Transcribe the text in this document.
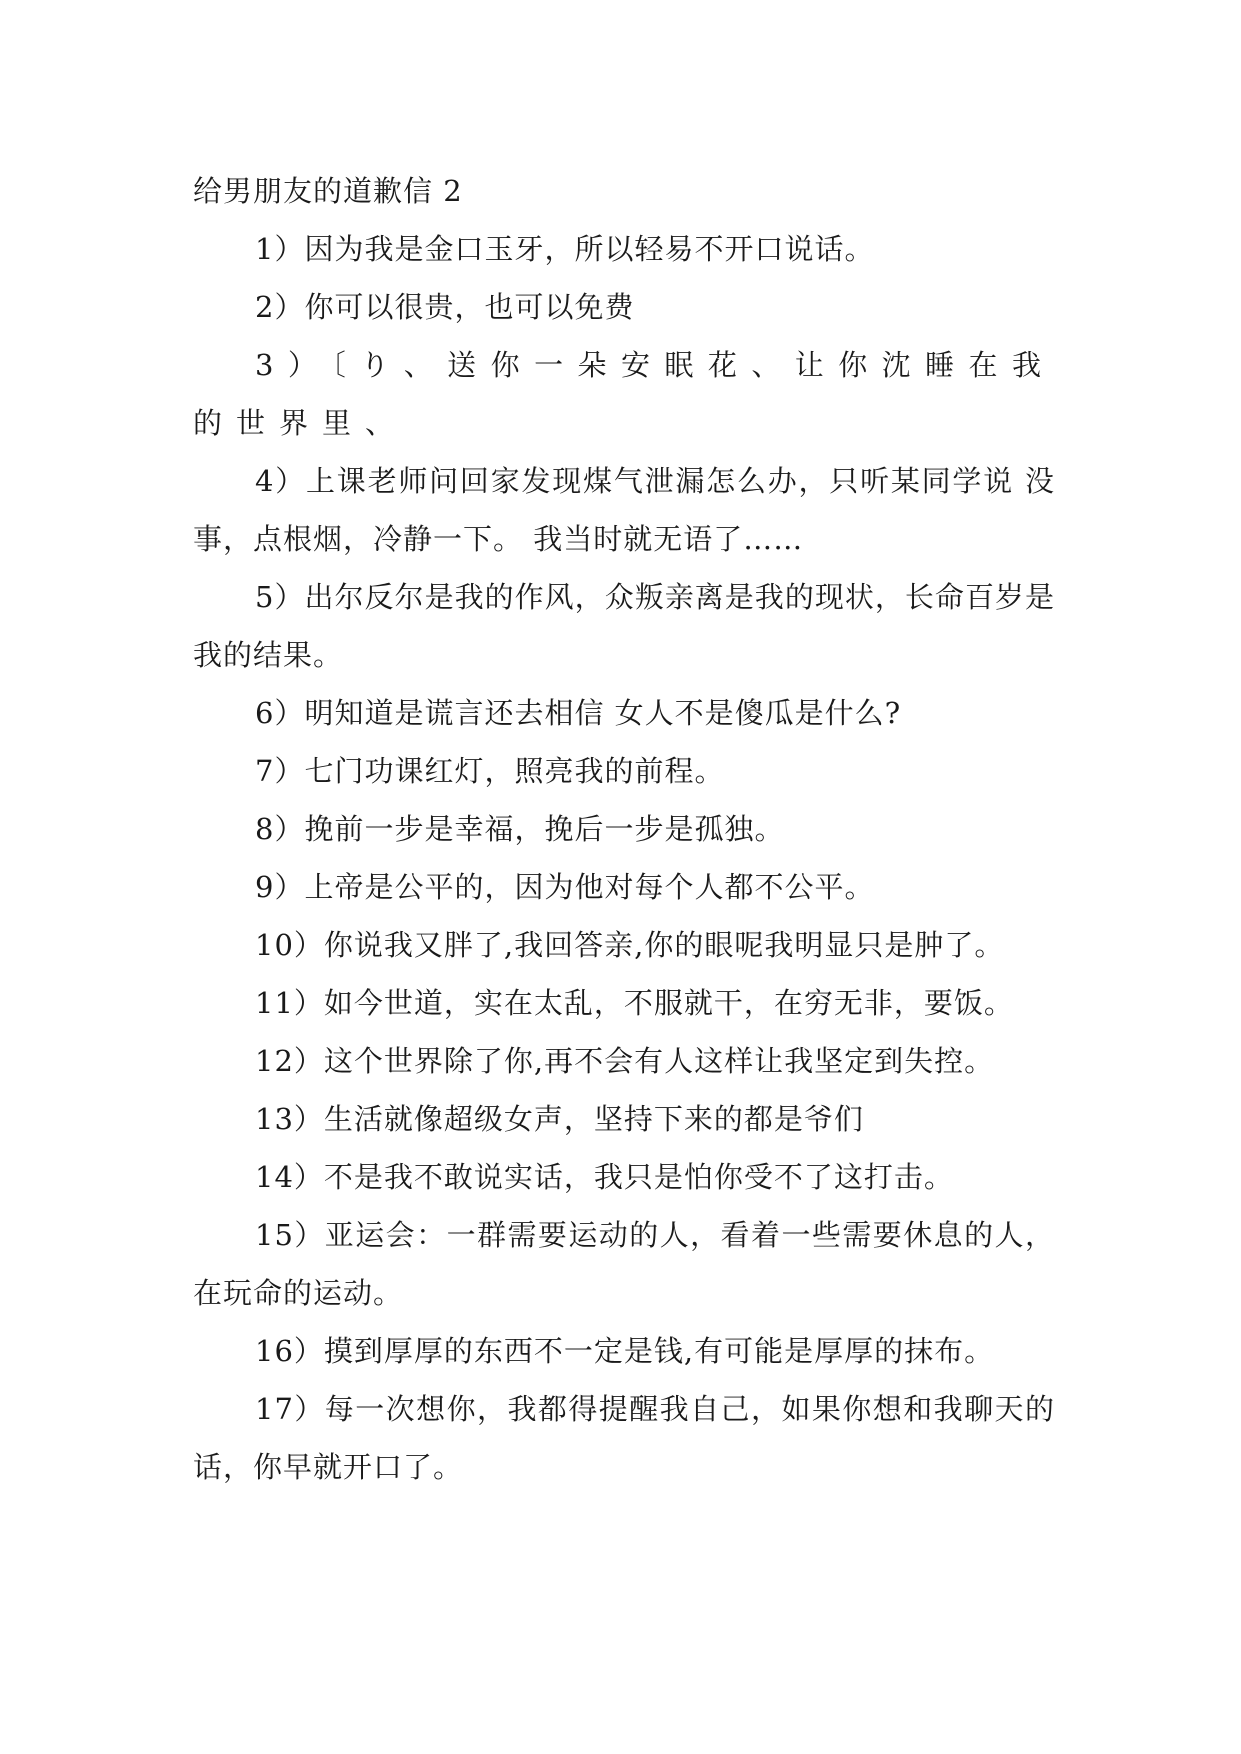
给男朋友的道歉信 2

1）因为我是金口玉牙，所以轻易不开口说话。

2）你可以很贵，也可以免费

3）〔り、送你一朵安眠花、让你沈睡在我的世界里、

4）上课老师问回家发现煤气泄漏怎么办，只听某同学说 没事，点根烟，冷静一下。 我当时就无语了……

5）出尔反尔是我的作风，众叛亲离是我的现状，长命百岁是我的结果。

6）明知道是谎言还去相信 女人不是傻瓜是什么?

7）七门功课红灯，照亮我的前程。

8）挽前一步是幸福，挽后一步是孤独。

9）上帝是公平的，因为他对每个人都不公平。

10）你说我又胖了,我回答亲,你的眼呢我明显只是肿了。

11）如今世道，实在太乱，不服就干，在穷无非，要饭。

12）这个世界除了你,再不会有人这样让我坚定到失控。

13）生活就像超级女声，坚持下来的都是爷们

14）不是我不敢说实话，我只是怕你受不了这打击。

15）亚运会：一群需要运动的人，看着一些需要休息的人，在玩命的运动。

16）摸到厚厚的东西不一定是钱,有可能是厚厚的抹布。

17）每一次想你，我都得提醒我自己，如果你想和我聊天的话，你早就开口了。
